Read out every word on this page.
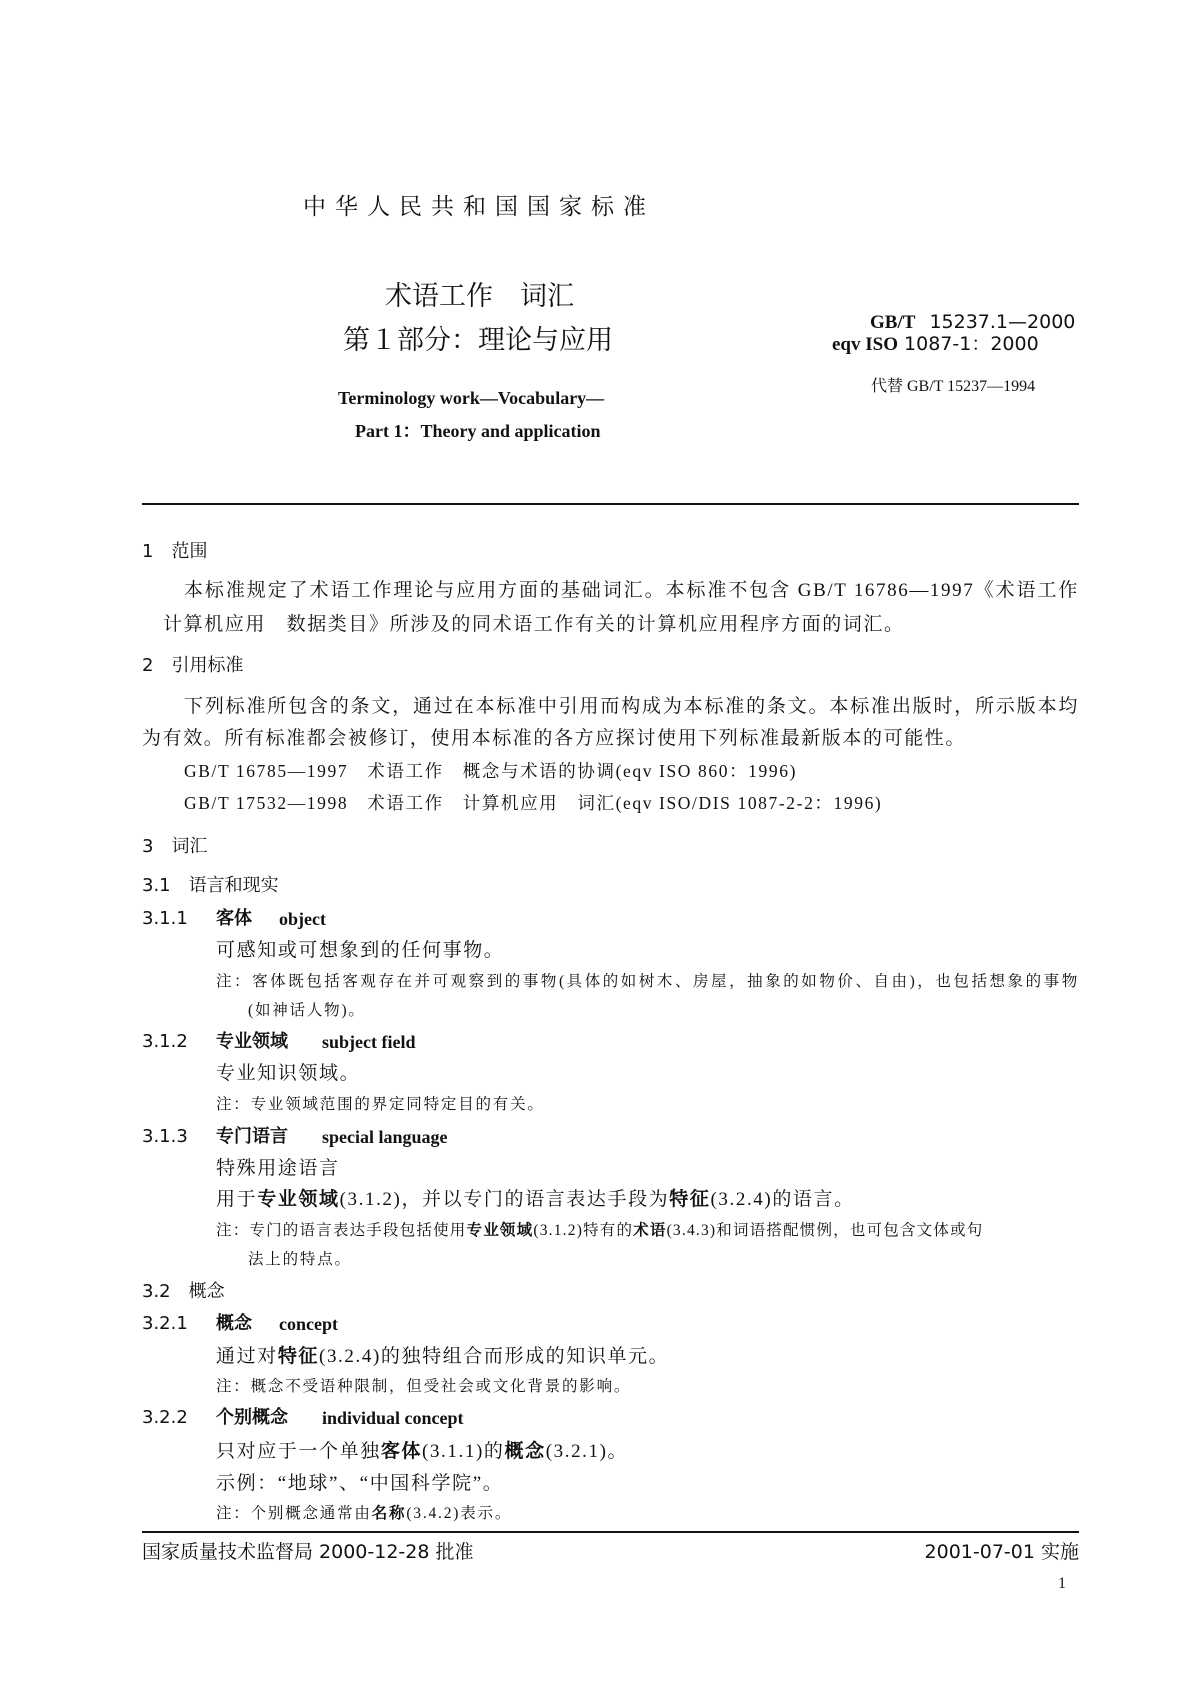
中华人民共和国国家标准
术语工作　词汇
第１部分：理论与应用
Terminology work—Vocabulary—
Part 1：Theory and application
GB/T 15237.1—2000
eqv ISO 1087-1：2000
代替 GB/T 15237—1994
1　范围
本标准规定了术语工作理论与应用方面的基础词汇。本标准不包含 GB/T 16786—1997《术语工作
计算机应用　数据类目》所涉及的同术语工作有关的计算机应用程序方面的词汇。
2　引用标准
下列标准所包含的条文，通过在本标准中引用而构成为本标准的条文。本标准出版时，所示版本均
为有效。所有标准都会被修订，使用本标准的各方应探讨使用下列标准最新版本的可能性。
GB/T 16785—1997　术语工作　概念与术语的协调(eqv ISO 860：1996)
GB/T 17532—1998　术语工作　计算机应用　词汇(eqv ISO/DIS 1087-2-2：1996)
3　词汇
3.1　语言和现实
3.1.1 客体 object
可感知或可想象到的任何事物。
注：客体既包括客观存在并可观察到的事物(具体的如树木、房屋，抽象的如物价、自由)，也包括想象的事物
(如神话人物)。
3.1.2 专业领域 subject field
专业知识领域。
注：专业领域范围的界定同特定目的有关。
3.1.3 专门语言 special language
特殊用途语言
用于专业领域(3.1.2)，并以专门的语言表达手段为特征(3.2.4)的语言。
注：专门的语言表达手段包括使用专业领域(3.1.2)特有的术语(3.4.3)和词语搭配惯例，也可包含文体或句
法上的特点。
3.2　概念
3.2.1 概念 concept
通过对特征(3.2.4)的独特组合而形成的知识单元。
注：概念不受语种限制，但受社会或文化背景的影响。
3.2.2 个别概念 individual concept
只对应于一个单独客体(3.1.1)的概念(3.2.1)。
示例：“地球”、“中国科学院”。
注：个别概念通常由名称(3.4.2)表示。
国家质量技术监督局 2000-12-28 批准	2001-07-01 实施
1
